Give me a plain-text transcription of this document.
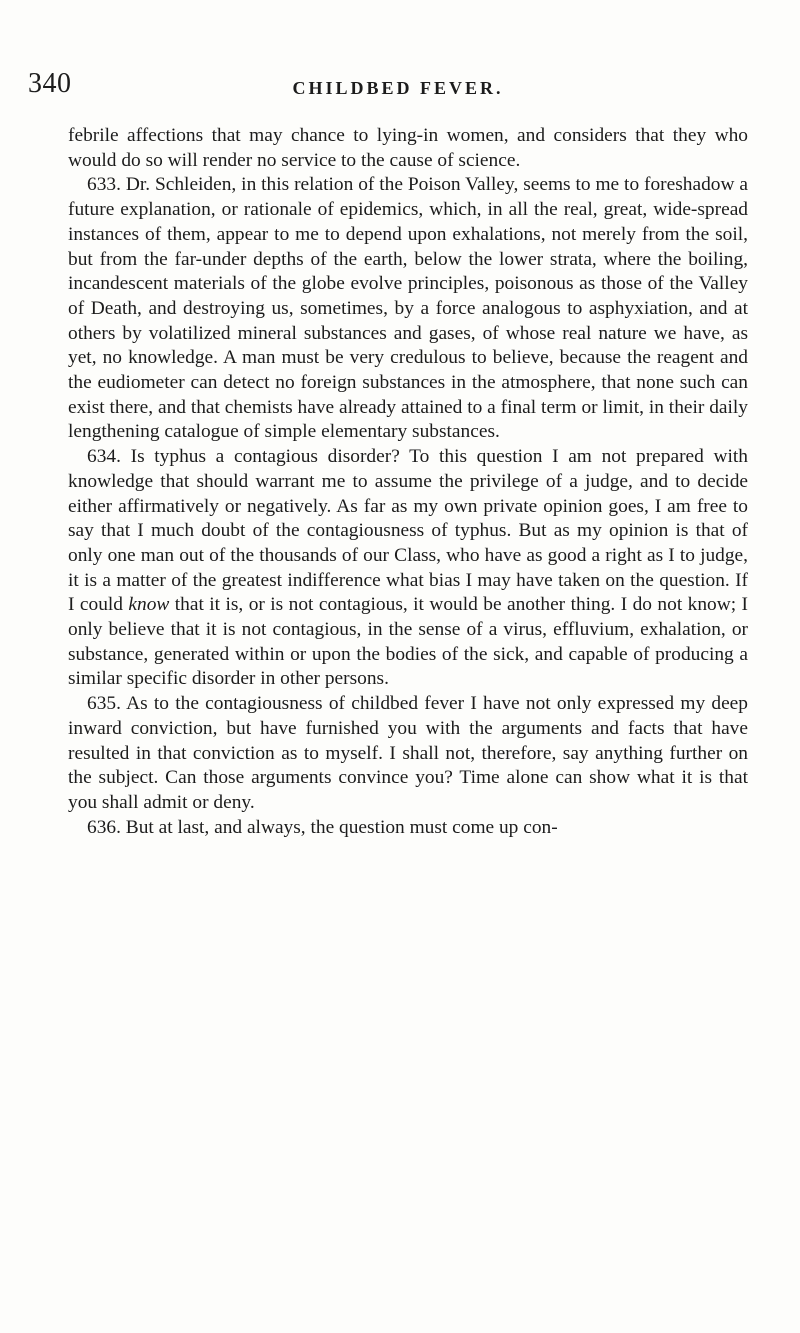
340	CHILDBED FEVER.

febrile affections that may chance to lying-in women, and considers that they who would do so will render no service to the cause of science.

633. Dr. Schleiden, in this relation of the Poison Valley, seems to me to foreshadow a future explanation, or rationale of epidemics, which, in all the real, great, wide-spread instances of them, appear to me to depend upon exhalations, not merely from the soil, but from the far-under depths of the earth, below the lower strata, where the boiling, incandescent materials of the globe evolve principles, poisonous as those of the Valley of Death, and destroying us, sometimes, by a force analogous to asphyxiation, and at others by volatilized mineral substances and gases, of whose real nature we have, as yet, no knowledge. A man must be very credulous to believe, because the reagent and the eudiometer can detect no foreign substances in the atmosphere, that none such can exist there, and that chemists have already attained to a final term or limit, in their daily lengthening catalogue of simple elementary substances.

634. Is typhus a contagious disorder? To this question I am not prepared with knowledge that should warrant me to assume the privilege of a judge, and to decide either affirmatively or negatively. As far as my own private opinion goes, I am free to say that I much doubt of the contagiousness of typhus. But as my opinion is that of only one man out of the thousands of our Class, who have as good a right as I to judge, it is a matter of the greatest indifference what bias I may have taken on the question. If I could know that it is, or is not contagious, it would be another thing. I do not know; I only believe that it is not contagious, in the sense of a virus, effluvium, exhalation, or substance, generated within or upon the bodies of the sick, and capable of producing a similar specific disorder in other persons.

635. As to the contagiousness of childbed fever I have not only expressed my deep inward conviction, but have furnished you with the arguments and facts that have resulted in that conviction as to myself. I shall not, therefore, say anything further on the subject. Can those arguments convince you? Time alone can show what it is that you shall admit or deny.

636. But at last, and always, the question must come up con-
